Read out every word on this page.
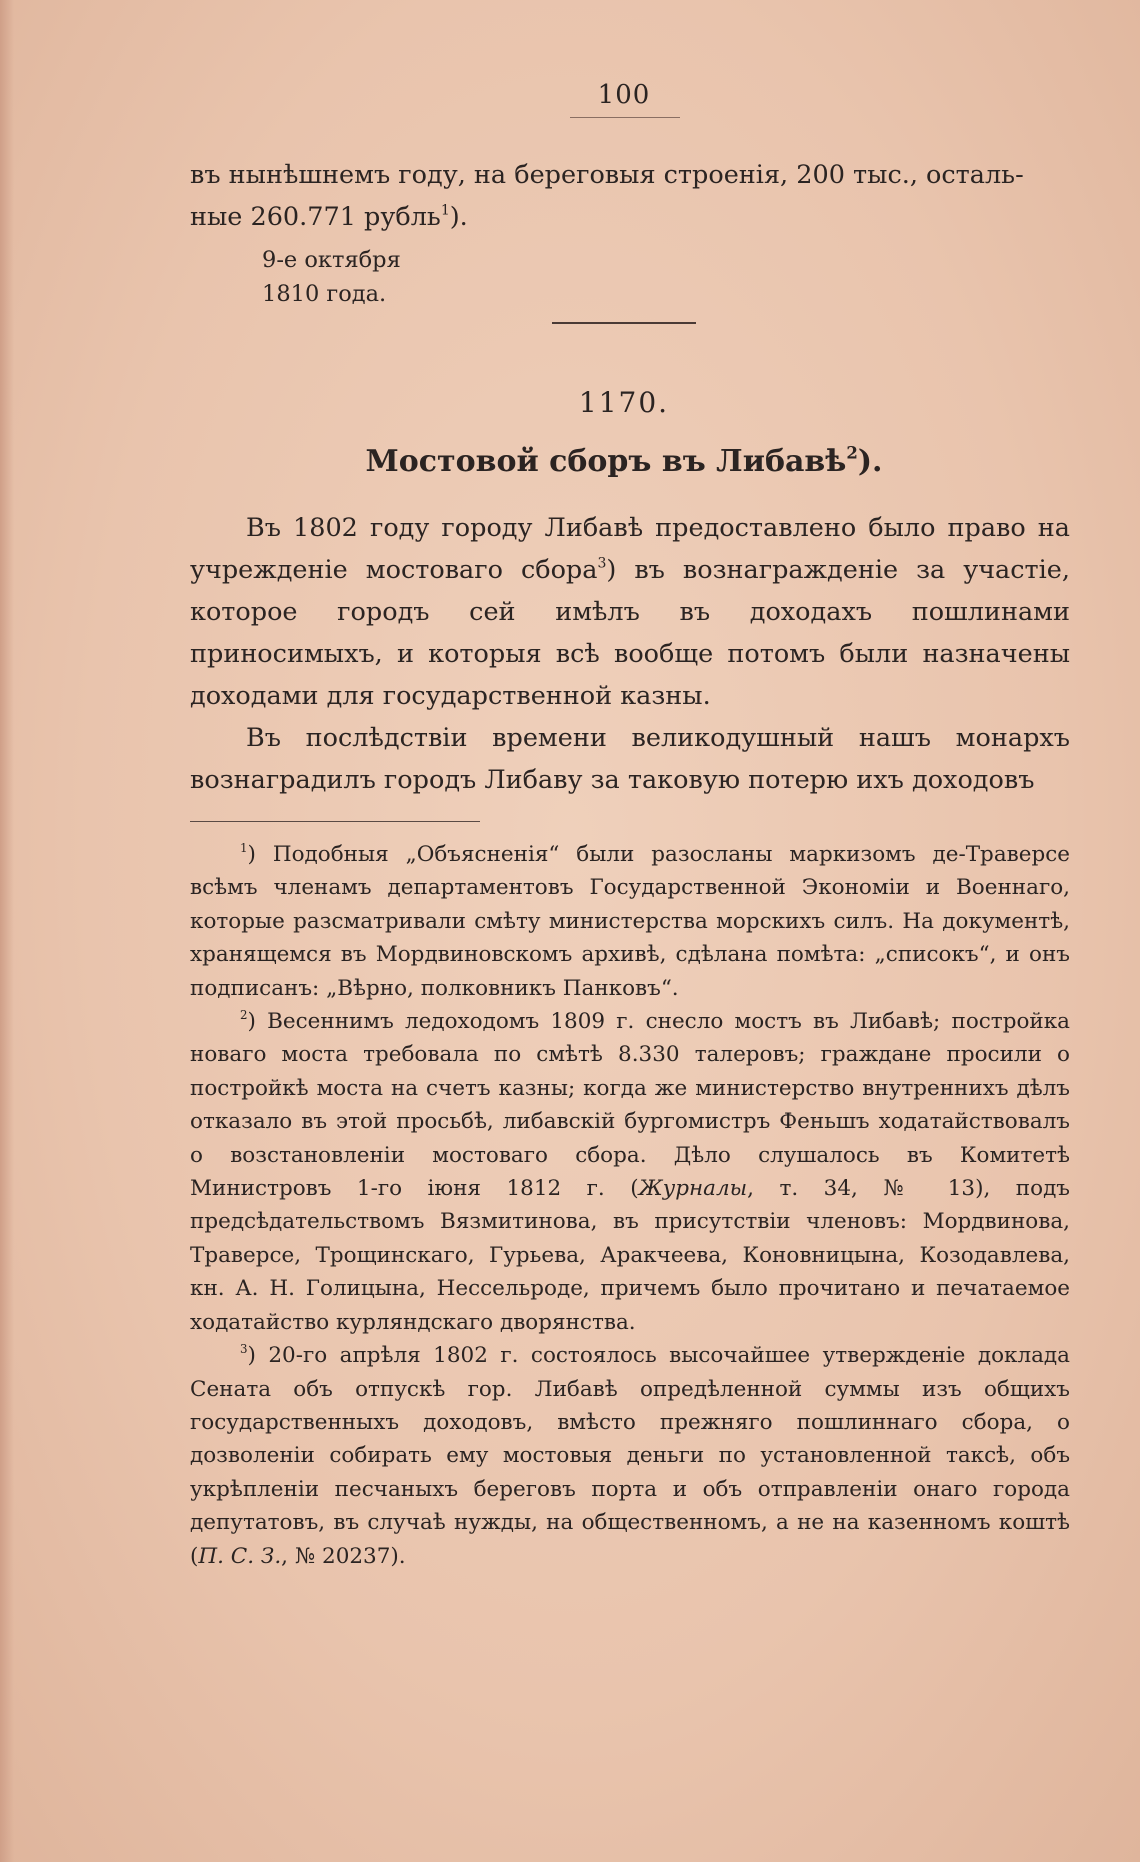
100

въ нынѣшнемъ году, на береговыя строенія, 200 тыс., осталь-

ные 260.771 рубль$^1$).

9-е октября
1810 года.
1170.
Мостовой сборъ въ Либавѣ$^2$).

Въ 1802 году городу Либавѣ предоставлено было право на учрежденіе мостоваго сбора$^3$) въ вознагражденіе за участіе, которое городъ сей имѣлъ въ доходахъ пошлинами приносимыхъ, и которыя всѣ вообще потомъ были назначены доходами для государственной казны.

Въ послѣдствіи времени великодушный нашъ монархъ вознаградилъ городъ Либаву за таковую потерю ихъ доходовъ

$^1$) Подобныя „Объясненія“ были разосланы маркизомъ де-Траверсе всѣмъ членамъ департаментовъ Государственной Экономіи и Военнаго, которые разсматривали смѣту министерства морскихъ силъ. На документѣ, хранящемся въ Мордвиновскомъ архивѣ, сдѣлана помѣта: „списокъ“, и онъ подписанъ: „Вѣрно, полковникъ Панковъ“.

$^2$) Весеннимъ ледоходомъ 1809 г. снесло мостъ въ Либавѣ; постройка новаго моста требовала по смѣтѣ 8.330 талеровъ; граждане просили о постройкѣ моста на счетъ казны; когда же министерство внутреннихъ дѣлъ отказало въ этой просьбѣ, либавскій бургомистръ Феньшъ ходатайствовалъ о возстановленіи мостоваго сбора. Дѣло слушалось въ Комитетѣ Министровъ 1-го іюня 1812 г. (Журналы, т. 34, № 13), подъ предсѣдательствомъ Вязмитинова, въ присутствіи членовъ: Мордвинова, Траверсе, Трощинскаго, Гурьева, Аракчеева, Коновницына, Козодавлева, кн. А. Н. Голицына, Нессельроде, причемъ было прочитано и печатаемое ходатайство курляндскаго дворянства.

$^3$) 20-го апрѣля 1802 г. состоялось высочайшее утвержденіе доклада Сената объ отпускѣ гор. Либавѣ опредѣленной суммы изъ общихъ государственныхъ доходовъ, вмѣсто прежняго пошлиннаго сбора, о дозволеніи собирать ему мостовыя деньги по установленной таксѣ, объ укрѣпленіи песчаныхъ береговъ порта и объ отправленіи онаго города депутатовъ, въ случаѣ нужды, на общественномъ, а не на казенномъ коштѣ (П. С. З., № 20237).
